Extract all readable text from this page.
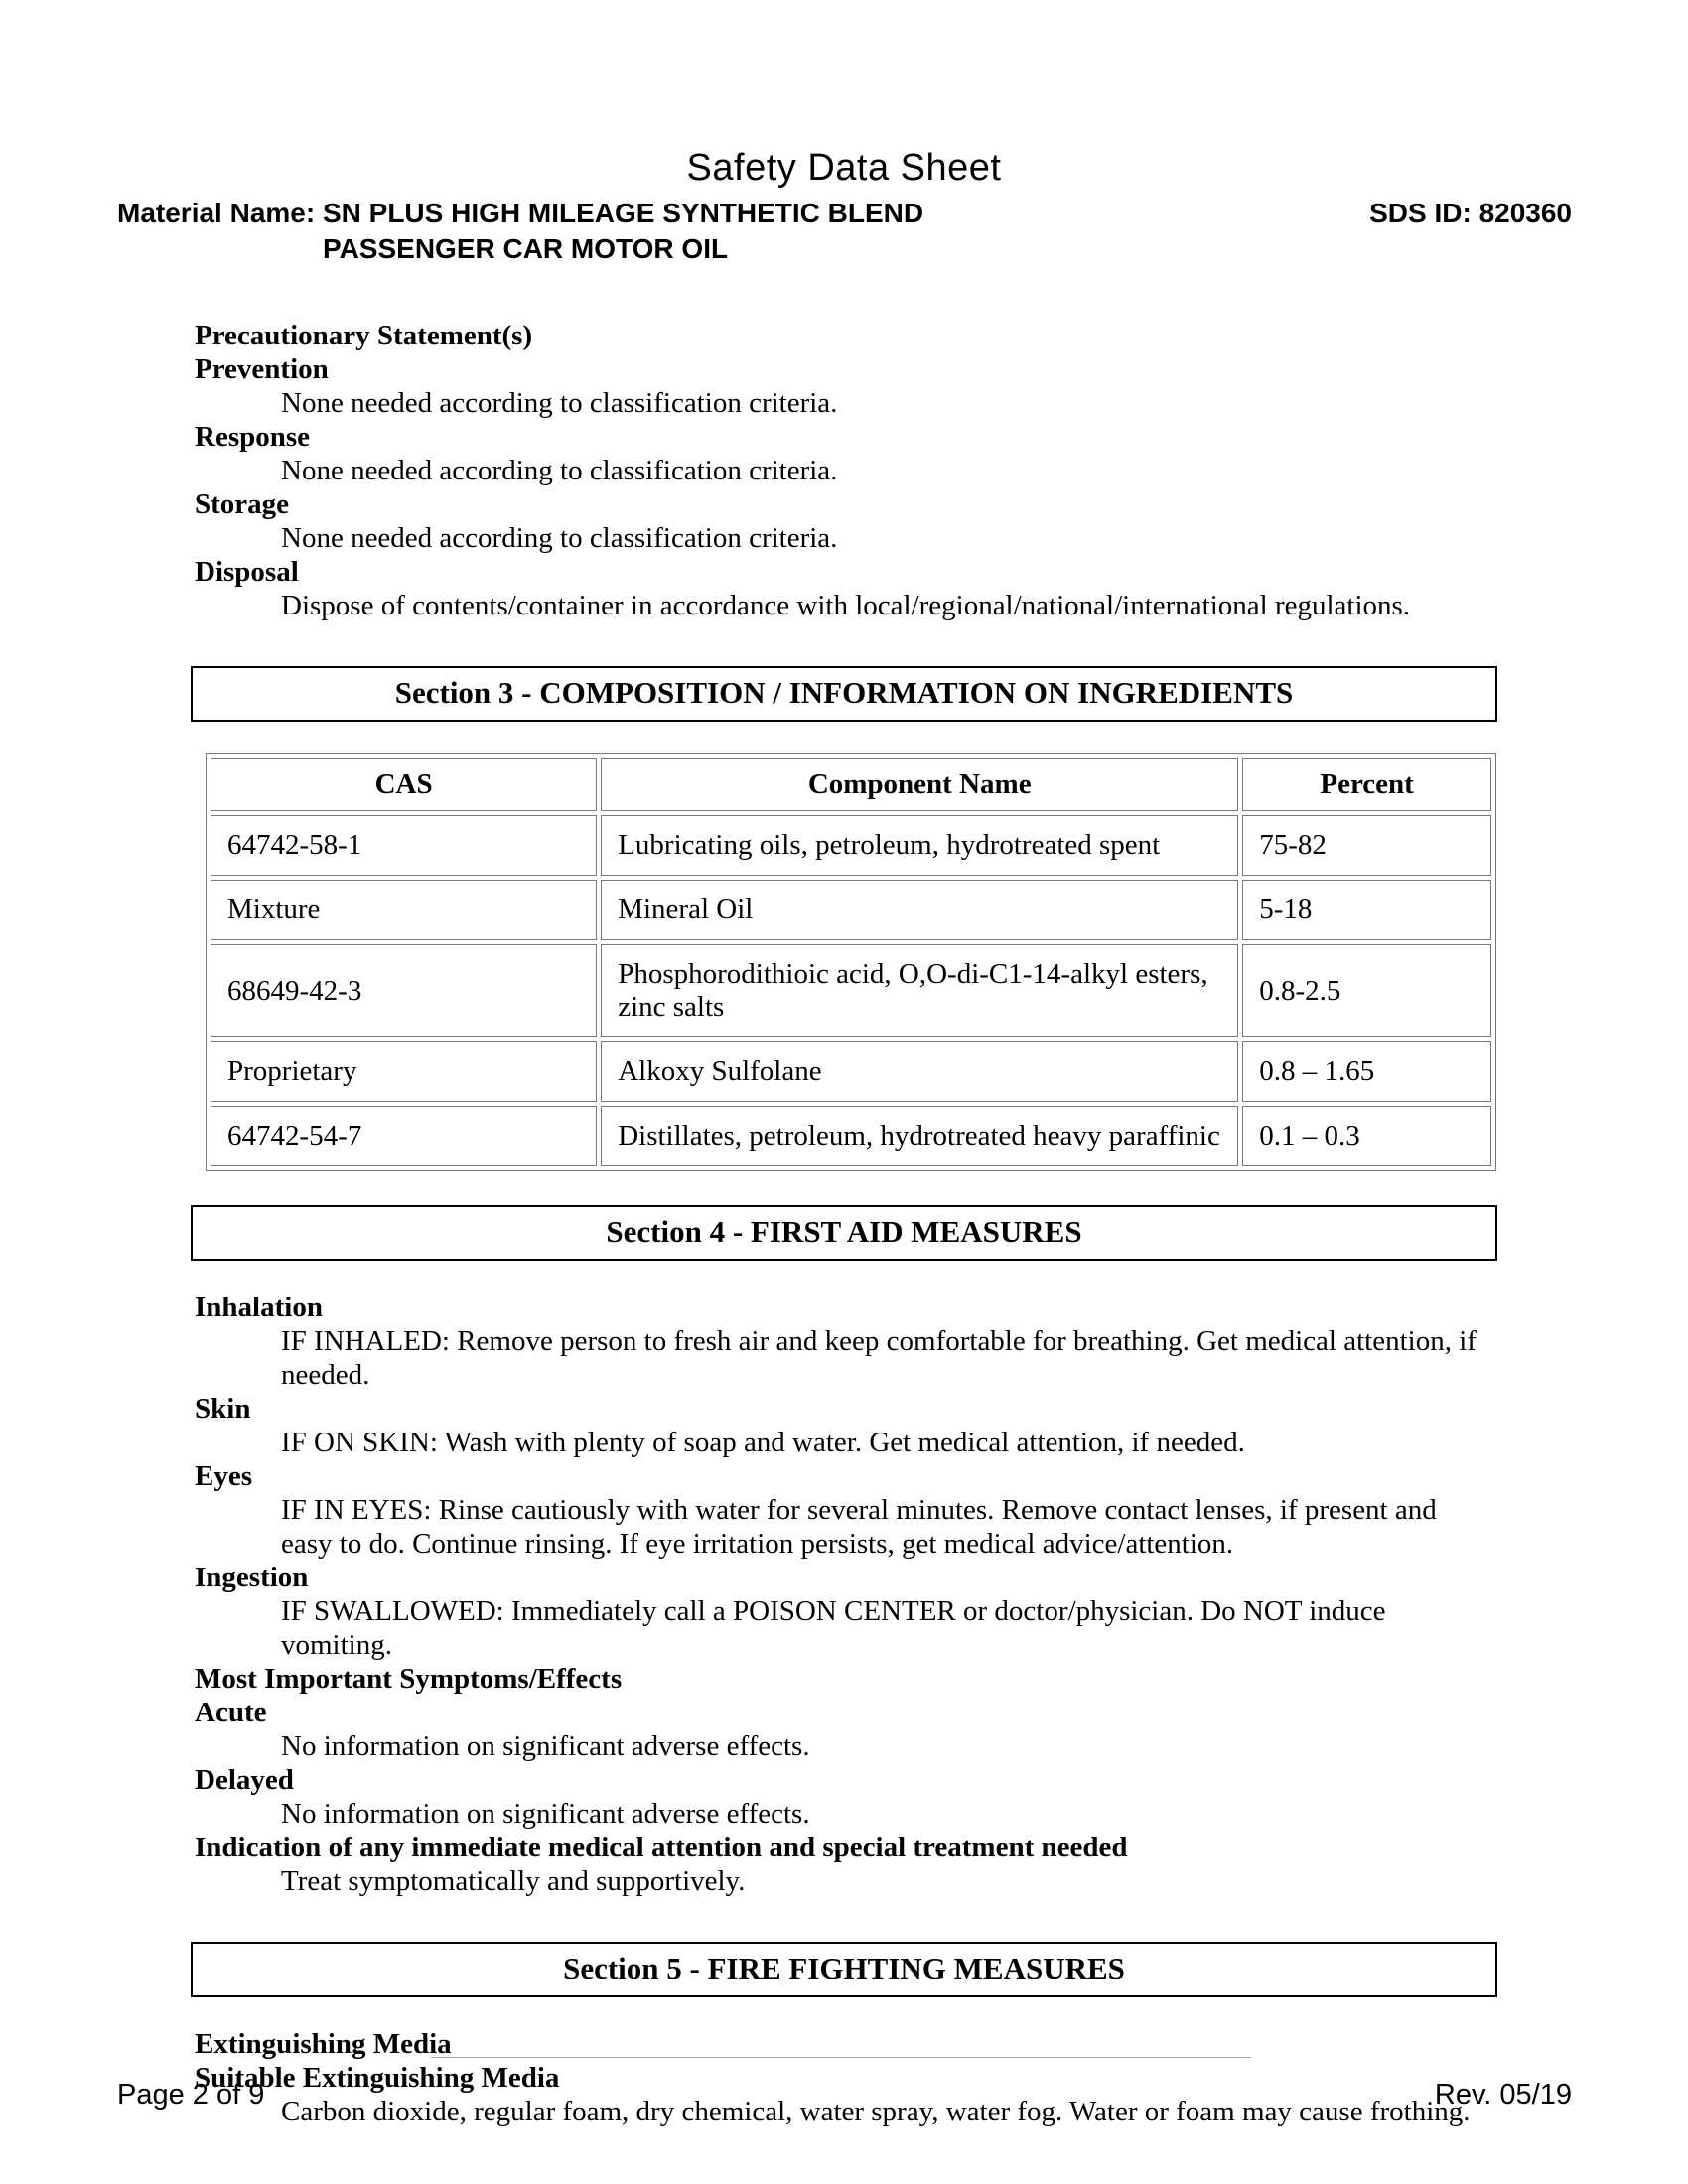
Safety Data Sheet
Material Name: SN PLUS HIGH MILEAGE SYNTHETIC BLEND
PASSENGER CAR MOTOR OIL
SDS ID: 820360
Precautionary Statement(s)
Prevention
None needed according to classification criteria.
Response
None needed according to classification criteria.
Storage
None needed according to classification criteria.
Disposal
Dispose of contents/container in accordance with local/regional/national/international regulations.
Section 3 - COMPOSITION / INFORMATION ON INGREDIENTS
CAS	Component Name	Percent
64742-58-1	Lubricating oils, petroleum, hydrotreated spent	75-82
Mixture	Mineral Oil	5-18
68649-42-3	Phosphorodithioic acid, O,O-di-C1-14-alkyl esters, zinc salts	0.8-2.5
Proprietary	Alkoxy Sulfolane	0.8 – 1.65
64742-54-7	Distillates, petroleum, hydrotreated heavy paraffinic	0.1 – 0.3
Section 4 - FIRST AID MEASURES
Inhalation
IF INHALED: Remove person to fresh air and keep comfortable for breathing. Get medical attention, if needed.
Skin
IF ON SKIN: Wash with plenty of soap and water. Get medical attention, if needed.
Eyes
IF IN EYES: Rinse cautiously with water for several minutes. Remove contact lenses, if present and easy to do. Continue rinsing. If eye irritation persists, get medical advice/attention.
Ingestion
IF SWALLOWED: Immediately call a POISON CENTER or doctor/physician. Do NOT induce vomiting.
Most Important Symptoms/Effects
Acute
No information on significant adverse effects.
Delayed
No information on significant adverse effects.
Indication of any immediate medical attention and special treatment needed
Treat symptomatically and supportively.
Section 5 - FIRE FIGHTING MEASURES
Extinguishing Media
Suitable Extinguishing Media
Carbon dioxide, regular foam, dry chemical, water spray, water fog. Water or foam may cause frothing.
Page 2 of 9	Rev. 05/19
